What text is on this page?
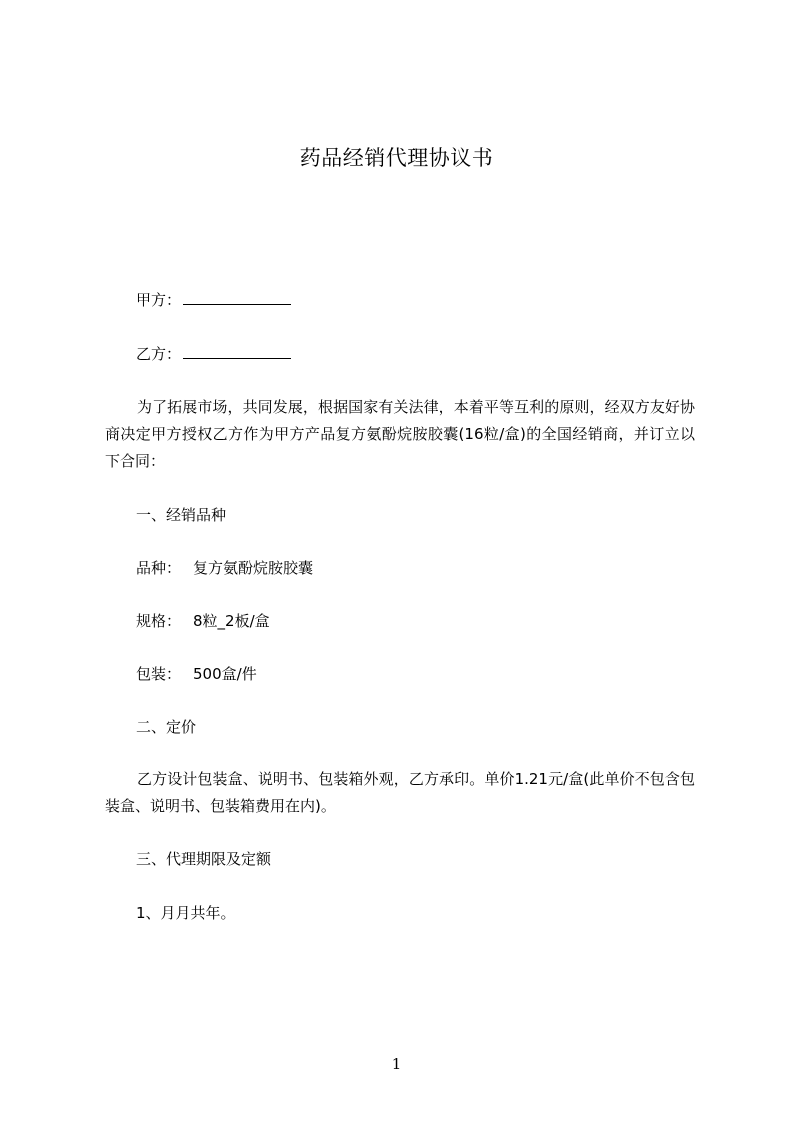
药品经销代理协议书
甲方：
乙方：
为了拓展市场，共同发展，根据国家有关法律，本着平等互利的原则，经双方友好协商决定甲方授权乙方作为甲方产品复方氨酚烷胺胶囊(16粒/盒)的全国经销商，并订立以下合同：
一、经销品种
品种： 复方氨酚烷胺胶囊
规格： 8粒_2板/盒
包装： 500盒/件
二、定价
乙方设计包装盒、说明书、包装箱外观，乙方承印。单价1.21元/盒(此单价不包含包装盒、说明书、包装箱费用在内)。
三、代理期限及定额
1、月月共年。
1
